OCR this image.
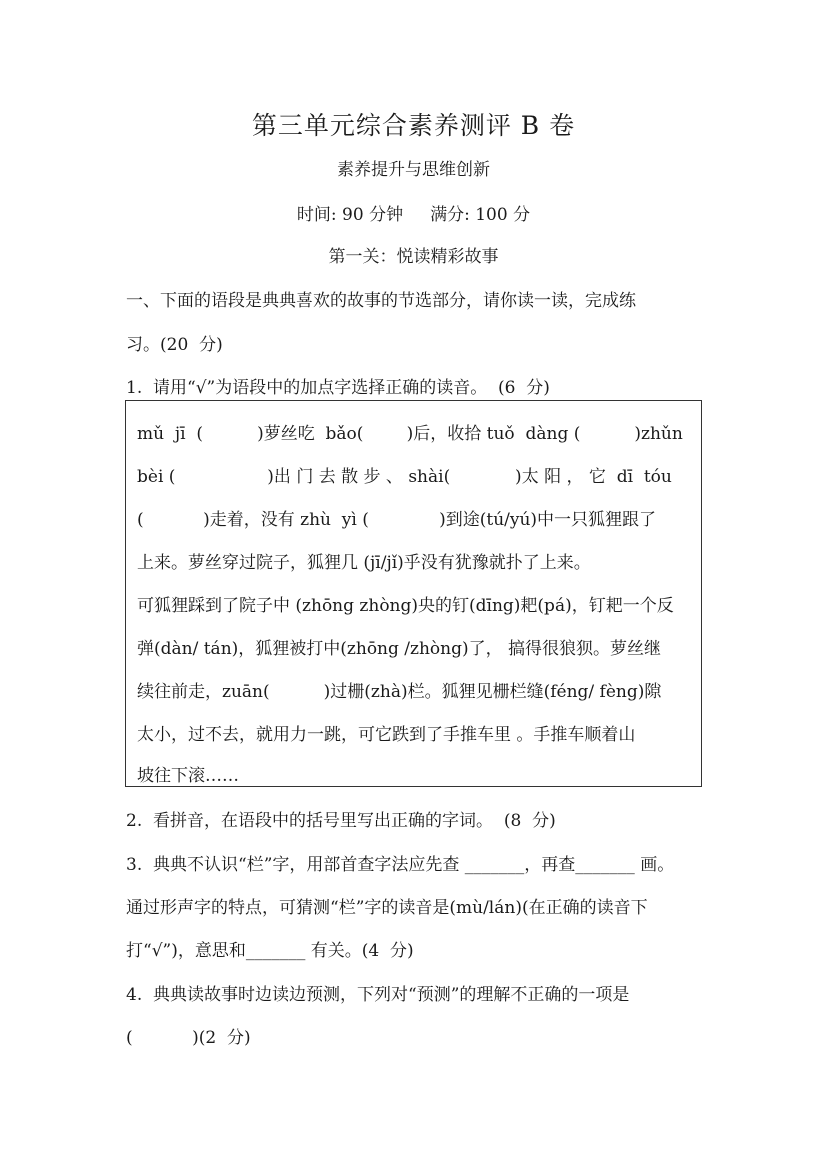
第三单元综合素养测评 B 卷
素养提升与思维创新
时间: 90 分钟     满分: 100 分
第一关：悦读精彩故事
一、下面的语段是典典喜欢的故事的节选部分，请你读一读，完成练
习。(20  分)
1.  请用“√”为语段中的加点字选择正确的读音。  (6  分)
mǔ  jī  (          )萝丝吃  bǎo(        )后，收拾 tuǒ  dàng (          )zhǔn
bèi (                 )出 门 去 散 步 、 shài(            )太 阳 ， 它  dī  tóu
(           )走着，没有 zhù  yì (             )到途(tú/yú)中一只狐狸跟了
上来。萝丝穿过院子，狐狸几 (jī/jǐ)乎没有犹豫就扑了上来。
可狐狸踩到了院子中 (zhōng zhòng)央的钉(dīng)耙(pá)，钉耙一个反
弹(dàn/ tán)，狐狸被打中(zhōng /zhòng)了， 搞得很狼狈。萝丝继
续往前走，zuān(          )过栅(zhà)栏。狐狸见栅栏缝(féng/ fèng)隙
太小，过不去，就用力一跳，可它跌到了手推车里 。手推车顺着山
坡往下滚……
2.  看拼音，在语段中的括号里写出正确的字词。  (8  分)
3.  典典不认识“栏”字，用部首查字法应先查 _______，再查_______ 画。
通过形声字的特点，可猜测“栏”字的读音是(mù/lán)(在正确的读音下
打“√”)，意思和_______ 有关。(4  分)
4.  典典读故事时边读边预测，下列对“预测”的理解不正确的一项是
(           )(2  分)
